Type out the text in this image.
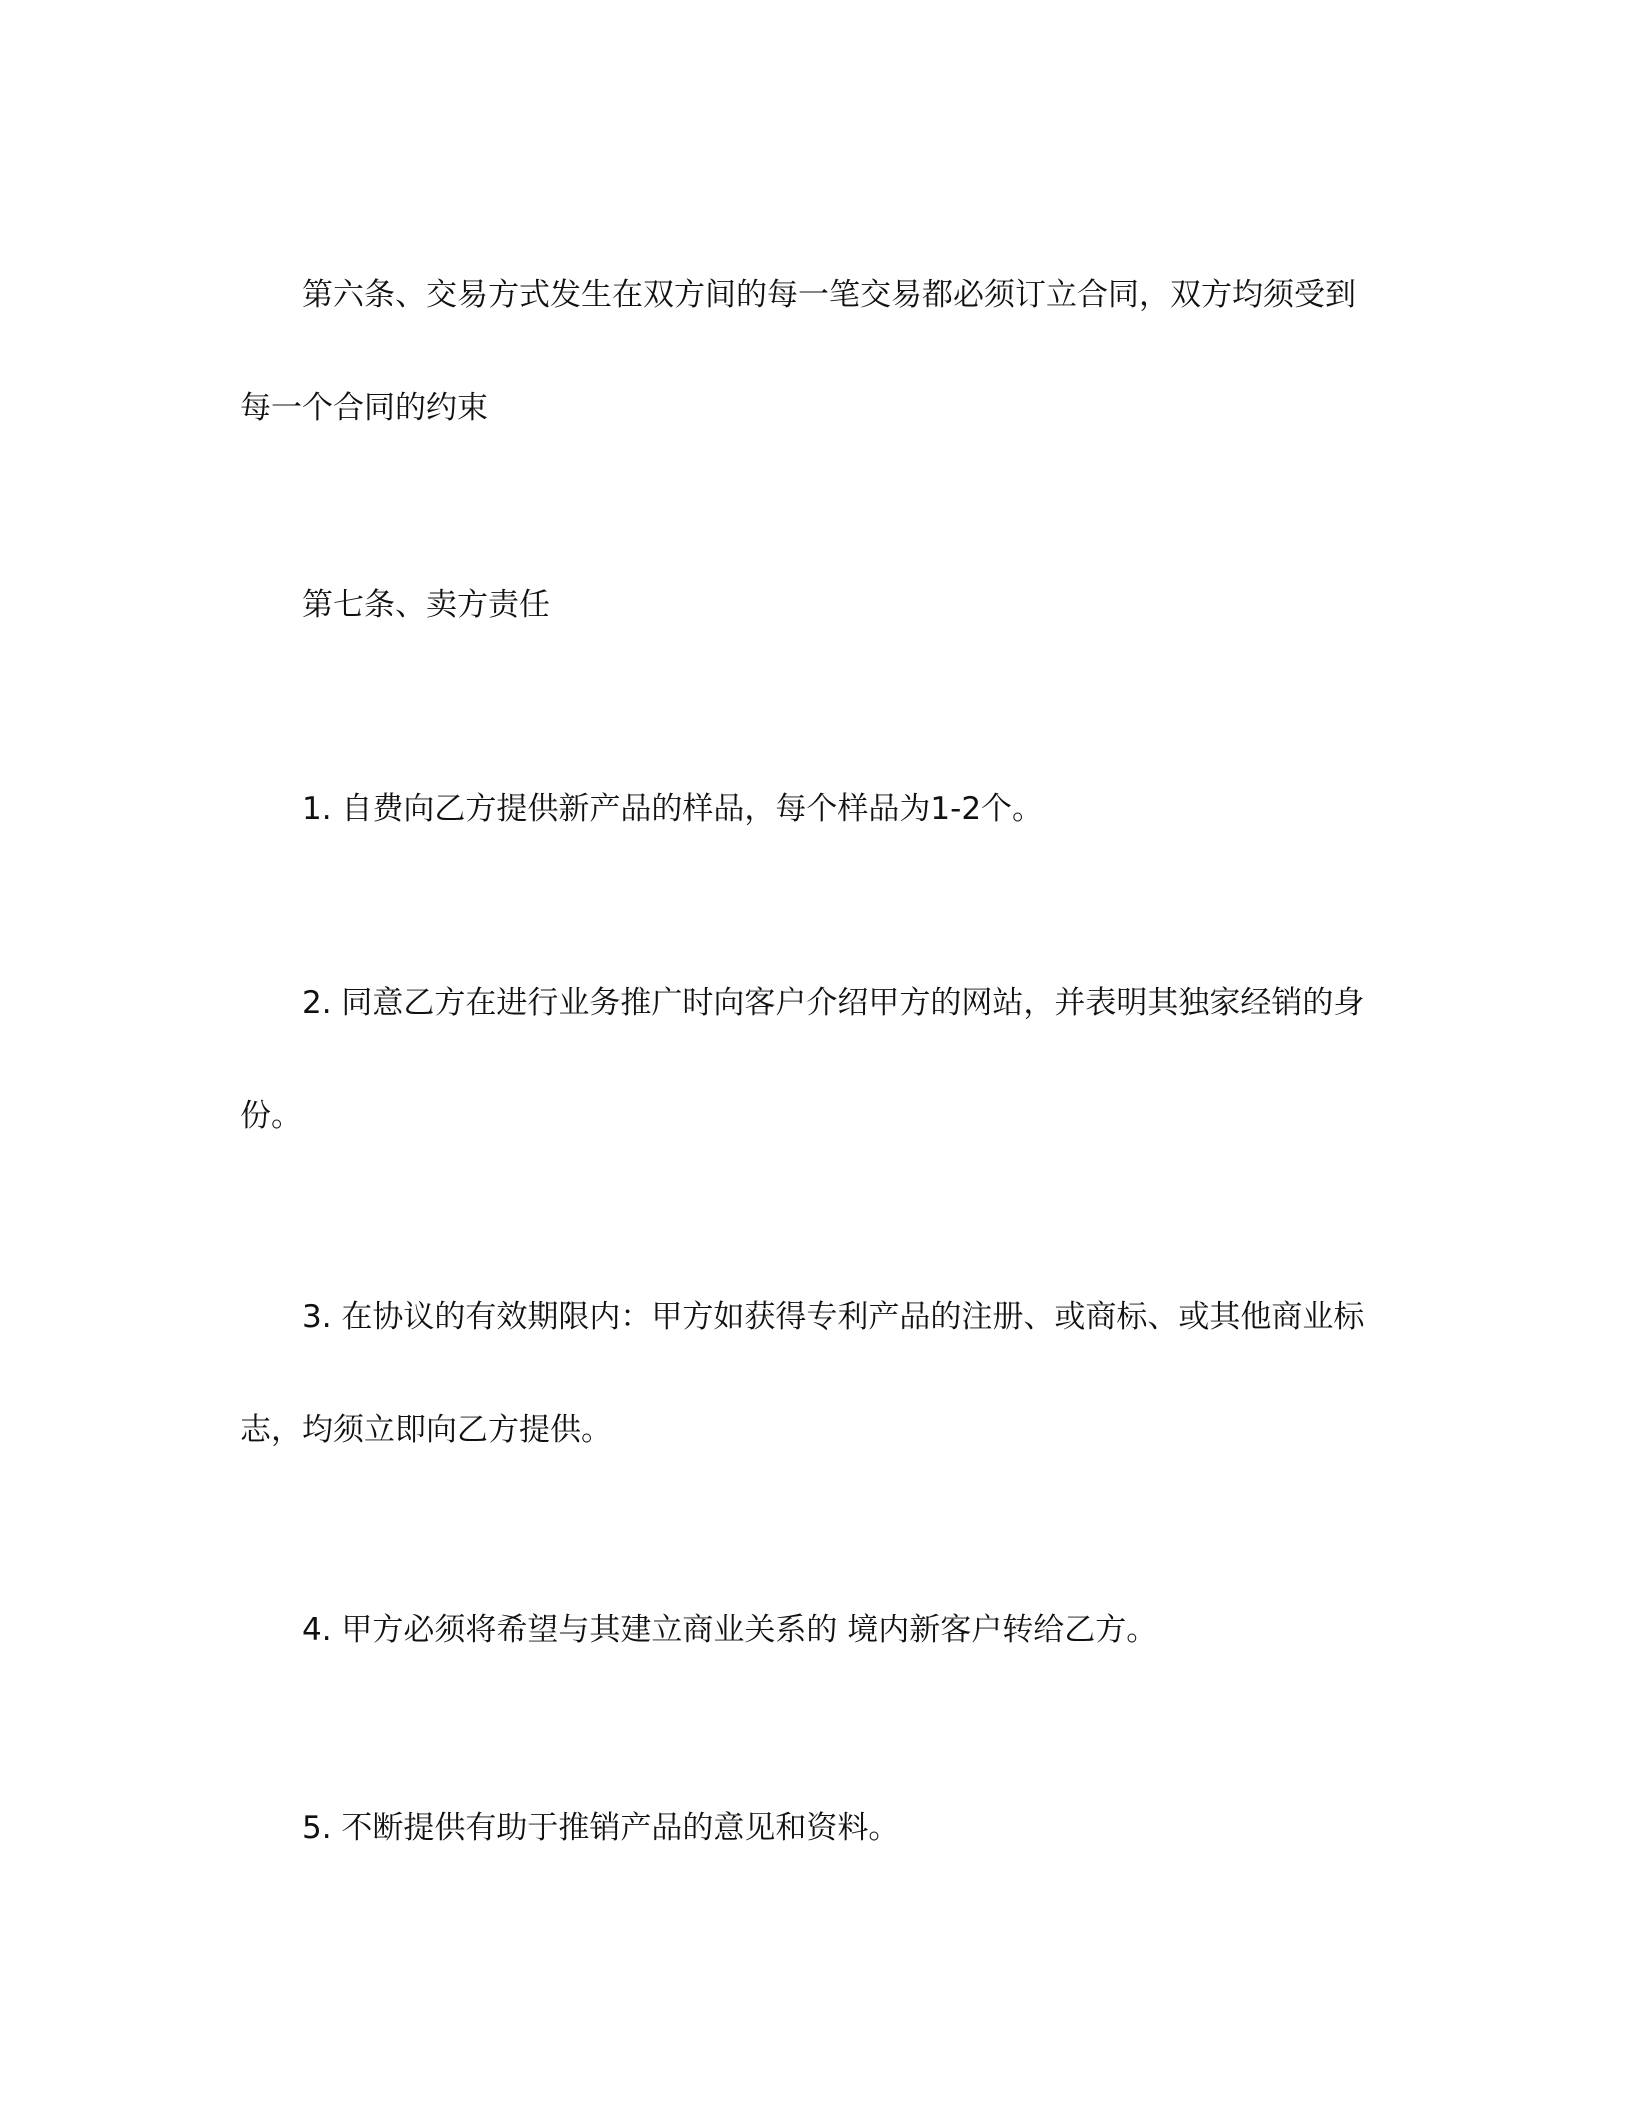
第六条、交易方式发生在双方间的每一笔交易都必须订立合同，双方均须受到

每一个合同的约束

第七条、卖方责任

1. 自费向乙方提供新产品的样品，每个样品为1-2个。

2. 同意乙方在进行业务推广时向客户介绍甲方的网站，并表明其独家经销的身

份。

3. 在协议的有效期限内：甲方如获得专利产品的注册、或商标、或其他商业标

志，均须立即向乙方提供。

4. 甲方必须将希望与其建立商业关系的 境内新客户转给乙方。

5. 不断提供有助于推销产品的意见和资料。
